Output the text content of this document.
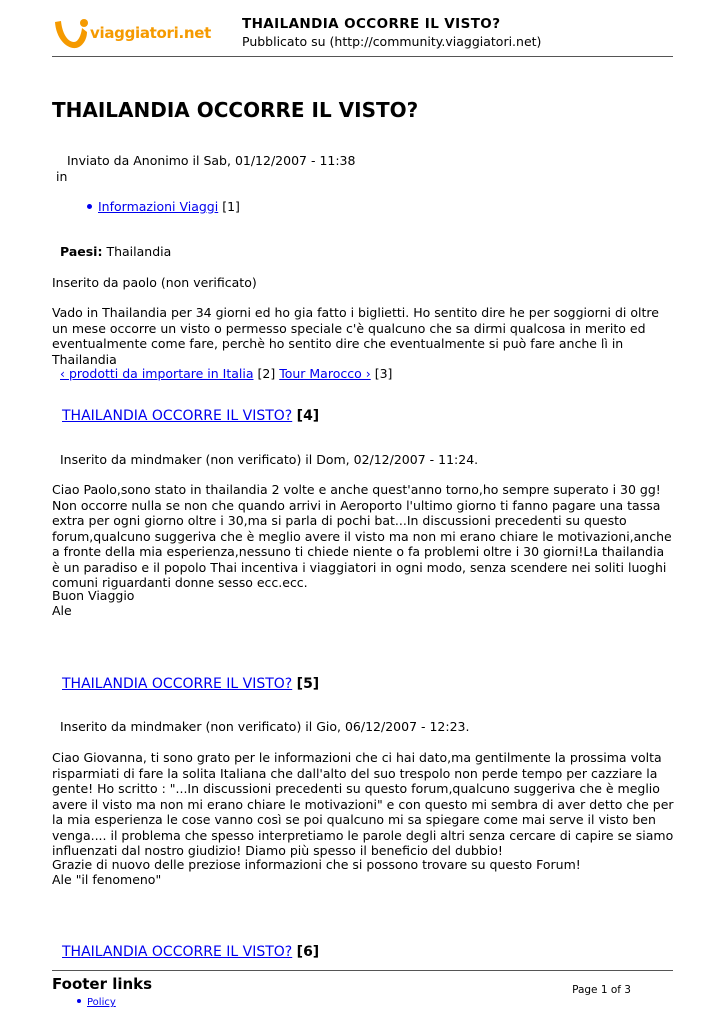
viaggiatori.net THAILANDIA OCCORRE IL VISTO?
Pubblicato su (http://community.viaggiatori.net)
THAILANDIA OCCORRE IL VISTO?
Inviato da Anonimo il Sab, 01/12/2007 - 11:38
in
Informazioni Viaggi [1]
Paesi: Thailandia
Inserito da paolo (non verificato)
Vado in Thailandia per 34 giorni ed ho gia fatto i biglietti. Ho sentito dire he per soggiorni di oltre un mese occorre un visto o permesso speciale c'è qualcuno che sa dirmi qualcosa in merito ed eventualmente come fare, perchè ho sentito dire che eventualmente si può fare anche lì in Thailandia
‹ prodotti da importare in Italia [2] Tour Marocco › [3]
THAILANDIA OCCORRE IL VISTO? [4]
Inserito da mindmaker (non verificato) il Dom, 02/12/2007 - 11:24.
Ciao Paolo,sono stato in thailandia 2 volte e anche quest'anno torno,ho sempre superato i 30 gg! Non occorre nulla se non che quando arrivi in Aeroporto l'ultimo giorno ti fanno pagare una tassa extra per ogni giorno oltre i 30,ma si parla di pochi bat...In discussioni precedenti su questo forum,qualcuno suggeriva che è meglio avere il visto ma non mi erano chiare le motivazioni,anche a fronte della mia esperienza,nessuno ti chiede niente o fa problemi oltre i 30 giorni!La thailandia è un paradiso e il popolo Thai incentiva i viaggiatori in ogni modo, senza scendere nei soliti luoghi comuni riguardanti donne sesso ecc.ecc.
Buon Viaggio
Ale
THAILANDIA OCCORRE IL VISTO? [5]
Inserito da mindmaker (non verificato) il Gio, 06/12/2007 - 12:23.
Ciao Giovanna, ti sono grato per le informazioni che ci hai dato,ma gentilmente la prossima volta risparmiati di fare la solita Italiana che dall'alto del suo trespolo non perde tempo per cazziare la gente! Ho scritto : "...In discussioni precedenti su questo forum,qualcuno suggeriva che è meglio avere il visto ma non mi erano chiare le motivazioni" e con questo mi sembra di aver detto che per la mia esperienza le cose vanno così se poi qualcuno mi sa spiegare come mai serve il visto ben venga.... il problema che spesso interpretiamo le parole degli altri senza cercare di capire se siamo influenzati dal nostro giudizio! Diamo più spesso il beneficio del dubbio!
Grazie di nuovo delle preziose informazioni che si possono trovare su questo Forum!
Ale "il fenomeno"
THAILANDIA OCCORRE IL VISTO? [6]
Footer links	Page 1 of 3
Policy
